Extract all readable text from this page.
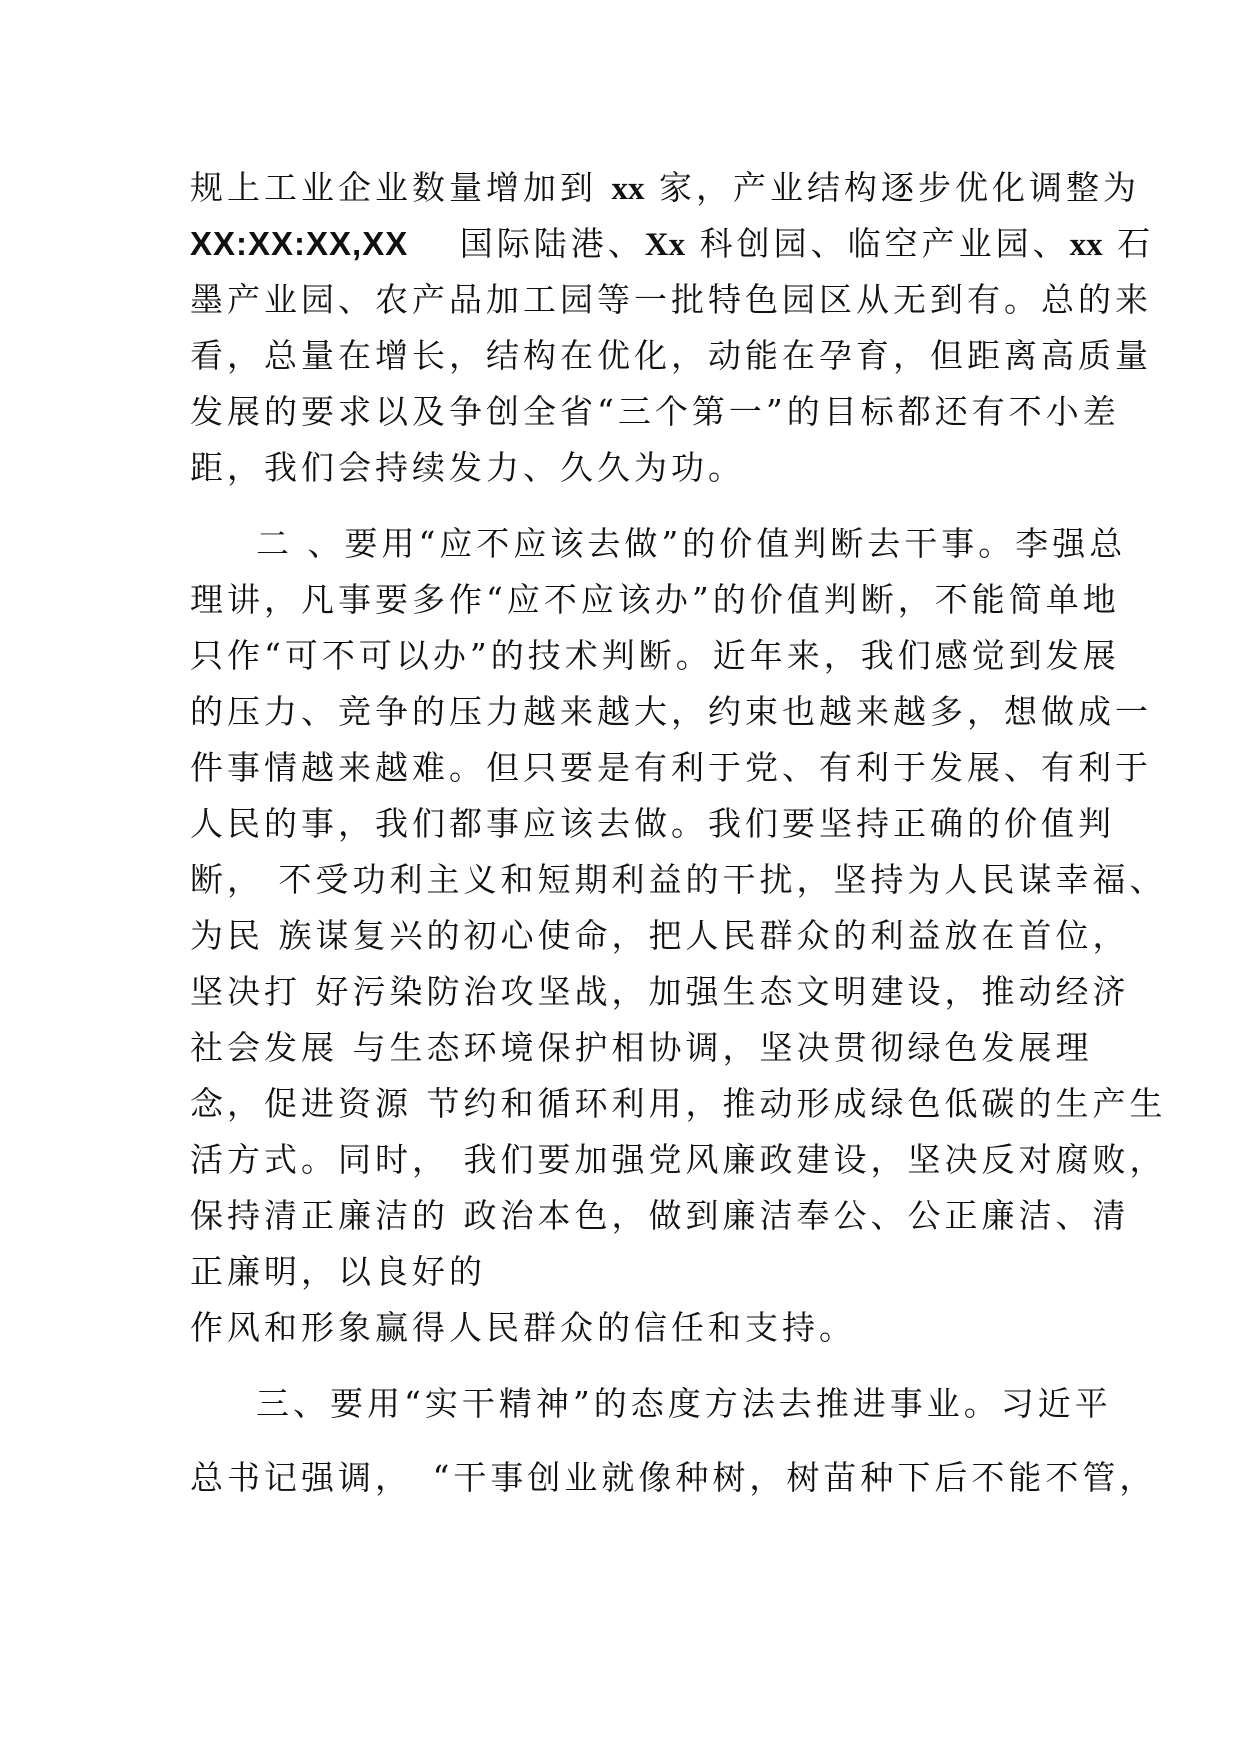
规上工业企业数量增加到 xx 家，产业结构逐步优化调整为
XX:XX:XX,XX　 国际陆港、Xx 科创园、临空产业园、xx 石
墨产业园、农产品加工园等一批特色园区从无到有。总的来
看，总量在增长，结构在优化，动能在孕育，但距离高质量
发展的要求以及争创全省“三个第一”的目标都还有不小差
距，我们会持续发力、久久为功。
二 、要用“应不应该去做”的价值判断去干事。李强总
理讲，凡事要多作“应不应该办”的价值判断，不能简单地
只作“可不可以办”的技术判断。近年来，我们感觉到发展
的压力、竞争的压力越来越大，约束也越来越多，想做成一
件事情越来越难。但只要是有利于党、有利于发展、有利于
人民的事，我们都事应该去做。我们要坚持正确的价值判
断， 不受功利主义和短期利益的干扰，坚持为人民谋幸福、
为民 族谋复兴的初心使命，把人民群众的利益放在首位，
坚决打 好污染防治攻坚战，加强生态文明建设，推动经济
社会发展 与生态环境保护相协调，坚决贯彻绿色发展理
念，促进资源 节约和循环利用，推动形成绿色低碳的生产生
活方式。同时， 我们要加强党风廉政建设，坚决反对腐败，
保持清正廉洁的 政治本色，做到廉洁奉公、公正廉洁、清
正廉明，以良好的
作风和形象赢得人民群众的信任和支持。
三、要用“实干精神”的态度方法去推进事业。习近平
总书记强调，　“干事创业就像种树，树苗种下后不能不管，
